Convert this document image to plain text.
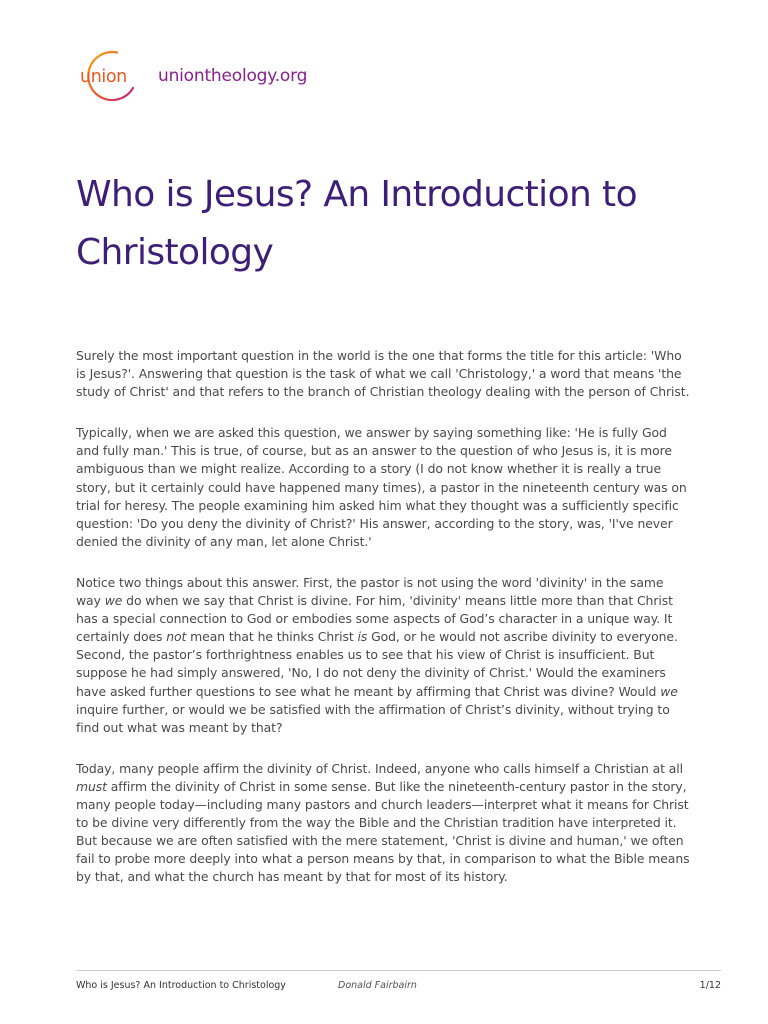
union uniontheology.org
Who is Jesus? An Introduction to Christology

Surely the most important question in the world is the one that forms the title for this article: 'Who is Jesus?'. Answering that question is the task of what we call 'Christology,' a word that means 'the study of Christ' and that refers to the branch of Christian theology dealing with the person of Christ.

Typically, when we are asked this question, we answer by saying something like: 'He is fully God and fully man.' This is true, of course, but as an answer to the question of who Jesus is, it is more ambiguous than we might realize. According to a story (I do not know whether it is really a true story, but it certainly could have happened many times), a pastor in the nineteenth century was on trial for heresy. The people examining him asked him what they thought was a sufficiently specific question: 'Do you deny the divinity of Christ?' His answer, according to the story, was, 'I've never denied the divinity of any man, let alone Christ.'

Notice two things about this answer. First, the pastor is not using the word 'divinity' in the same way we do when we say that Christ is divine. For him, 'divinity' means little more than that Christ has a special connection to God or embodies some aspects of God’s character in a unique way. It certainly does not mean that he thinks Christ is God, or he would not ascribe divinity to everyone. Second, the pastor’s forthrightness enables us to see that his view of Christ is insufficient. But suppose he had simply answered, 'No, I do not deny the divinity of Christ.' Would the examiners have asked further questions to see what he meant by affirming that Christ was divine? Would we inquire further, or would we be satisfied with the affirmation of Christ’s divinity, without trying to find out what was meant by that?

Today, many people affirm the divinity of Christ. Indeed, anyone who calls himself a Christian at all must affirm the divinity of Christ in some sense. But like the nineteenth-century pastor in the story, many people today—including many pastors and church leaders—interpret what it means for Christ to be divine very differently from the way the Bible and the Christian tradition have interpreted it. But because we are often satisfied with the mere statement, 'Christ is divine and human,' we often fail to probe more deeply into what a person means by that, in comparison to what the Bible means by that, and what the church has meant by that for most of its history.

Who is Jesus? An Introduction to Christology	Donald Fairbairn	1/12
